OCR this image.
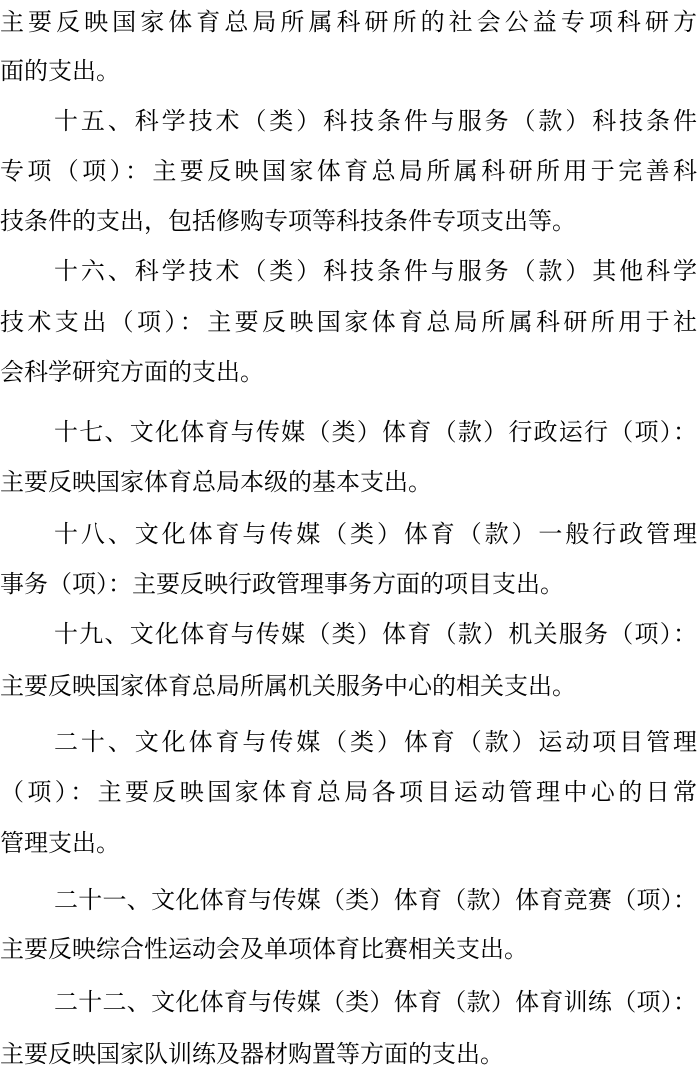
主要反映国家体育总局所属科研所的社会公益专项科研方
面的支出。
十五、科学技术（类）科技条件与服务（款）科技条件
专项（项）：主要反映国家体育总局所属科研所用于完善科
技条件的支出，包括修购专项等科技条件专项支出等。
十六、科学技术（类）科技条件与服务（款）其他科学
技术支出（项）：主要反映国家体育总局所属科研所用于社
会科学研究方面的支出。
十七、文化体育与传媒（类）体育（款）行政运行（项）：
主要反映国家体育总局本级的基本支出。
十八、文化体育与传媒（类）体育（款）一般行政管理
事务（项）：主要反映行政管理事务方面的项目支出。
十九、文化体育与传媒（类）体育（款）机关服务（项）：
主要反映国家体育总局所属机关服务中心的相关支出。
二十、文化体育与传媒（类）体育（款）运动项目管理
（项）：主要反映国家体育总局各项目运动管理中心的日常
管理支出。
二十一、文化体育与传媒（类）体育（款）体育竞赛（项）：
主要反映综合性运动会及单项体育比赛相关支出。
二十二、文化体育与传媒（类）体育（款）体育训练（项）：
主要反映国家队训练及器材购置等方面的支出。
